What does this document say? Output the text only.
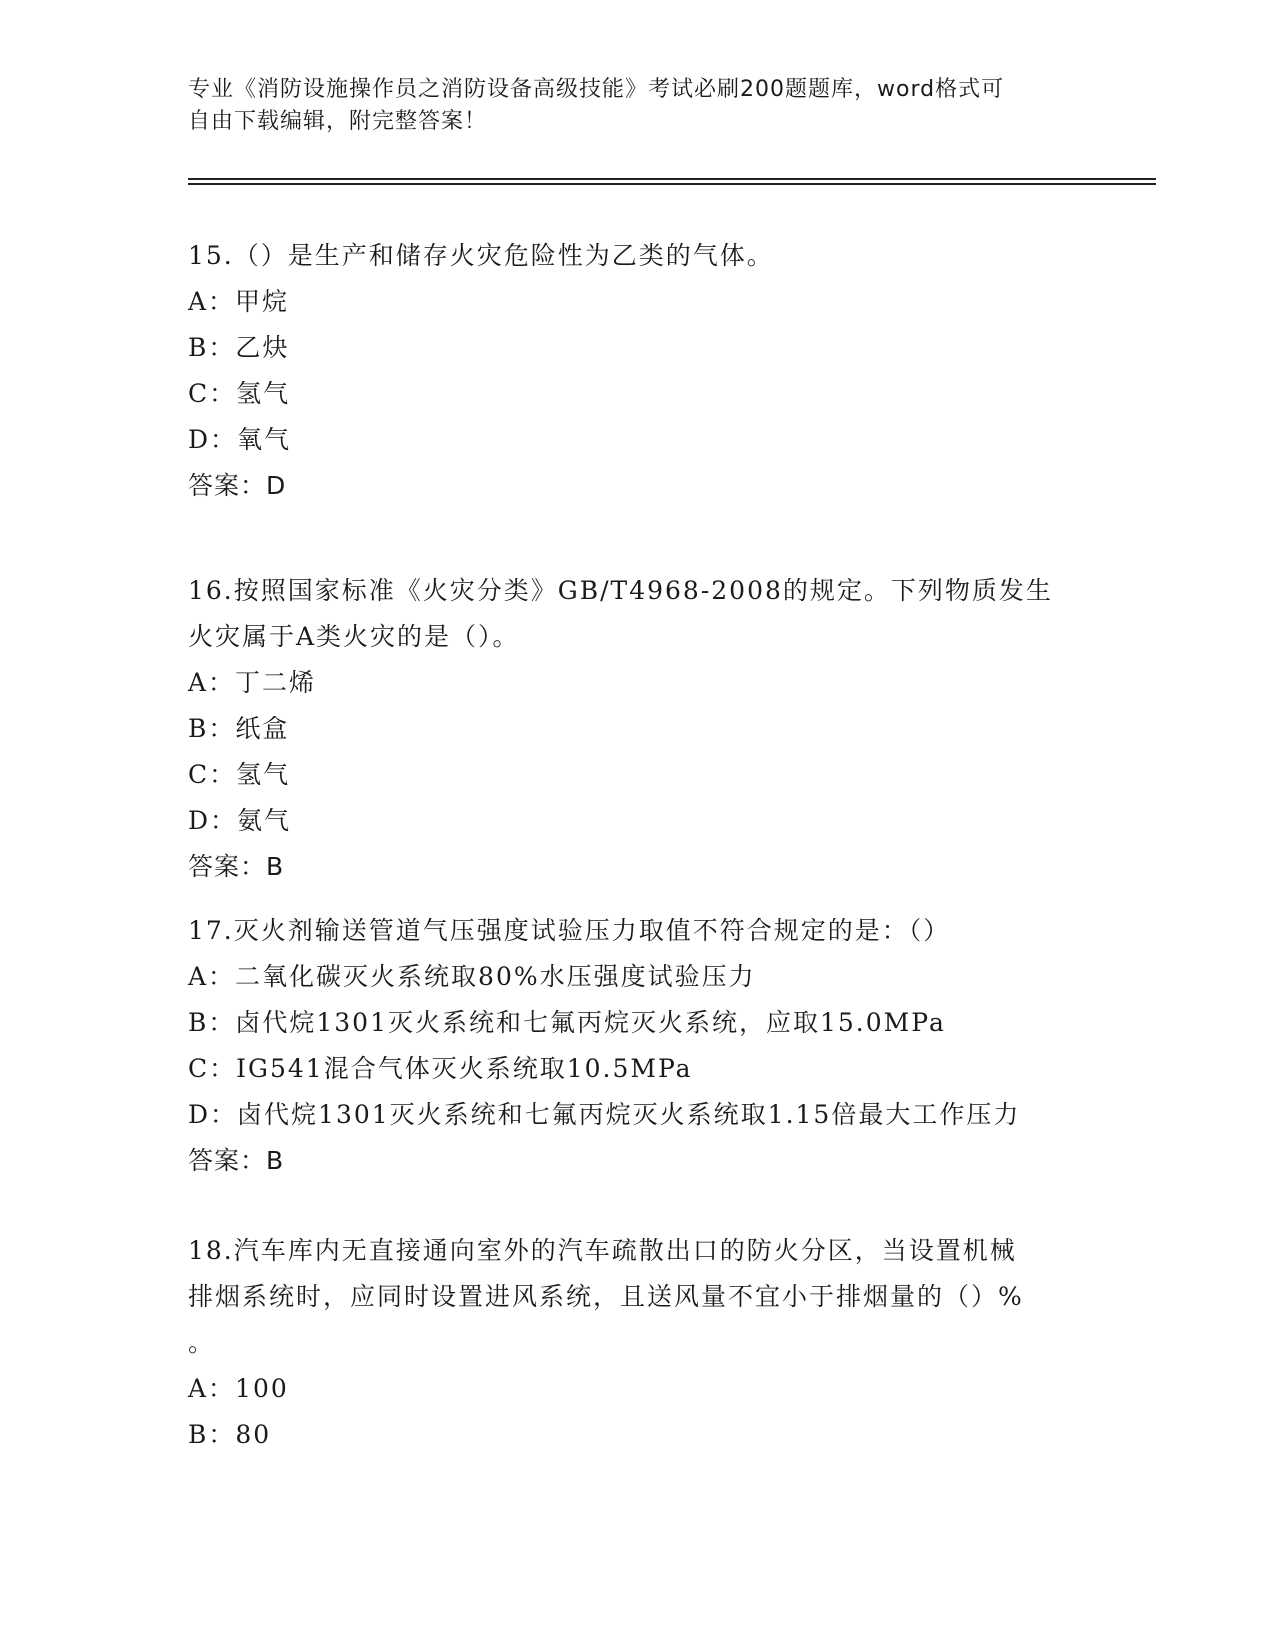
专业《消防设施操作员之消防设备高级技能》考试必刷200题题库，word格式可
自由下载编辑，附完整答案！
15.（）是生产和储存火灾危险性为乙类的气体。
A：甲烷
B：乙炔
C：氢气
D：氧气
答案：D
16.按照国家标准《火灾分类》GB/T4968-2008的规定。下列物质发生
火灾属于A类火灾的是（）。
A：丁二烯
B：纸盒
C：氢气
D：氨气
答案：B
17.灭火剂输送管道气压强度试验压力取值不符合规定的是：（）
A：二氧化碳灭火系统取80%水压强度试验压力
B：卤代烷1301灭火系统和七氟丙烷灭火系统，应取15.0MPa
C：IG541混合气体灭火系统取10.5MPa
D：卤代烷1301灭火系统和七氟丙烷灭火系统取1.15倍最大工作压力
答案：B
18.汽车库内无直接通向室外的汽车疏散出口的防火分区，当设置机械
排烟系统时，应同时设置进风系统，且送风量不宜小于排烟量的（）%
。
A：100
B：80
